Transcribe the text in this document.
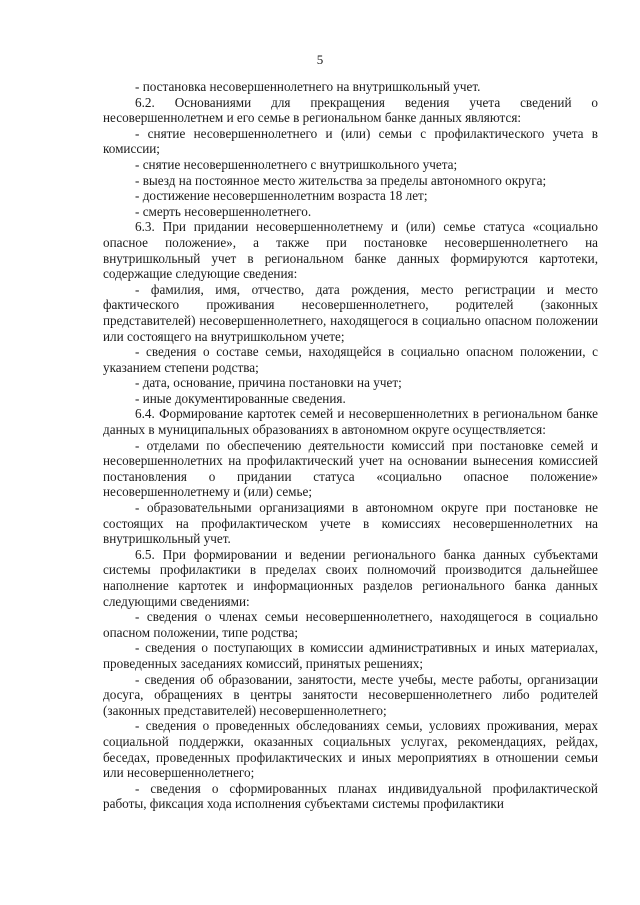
5

- постановка несовершеннолетнего на внутришкольный учет.

6.2. Основаниями для прекращения ведения учета сведений о несовершеннолетнем и его семье в региональном банке данных являются:

- снятие несовершеннолетнего и (или) семьи с профилактического учета в комиссии;

- снятие несовершеннолетнего с внутришкольного учета;

- выезд на постоянное место жительства за пределы автономного округа;

- достижение несовершеннолетним возраста 18 лет;

- смерть несовершеннолетнего.

6.3. При придании несовершеннолетнему и (или) семье статуса «социально опасное положение», а также при постановке несовершеннолетнего на внутришкольный учет в региональном банке данных формируются картотеки, содержащие следующие сведения:

- фамилия, имя, отчество, дата рождения, место регистрации и место фактического проживания несовершеннолетнего, родителей (законных представителей) несовершеннолетнего, находящегося в социально опасном положении или состоящего на внутришкольном учете;

- сведения о составе семьи, находящейся в социально опасном положении, с указанием степени родства;

- дата, основание, причина постановки на учет;

- иные документированные сведения.

6.4. Формирование картотек семей и несовершеннолетних в региональном банке данных в муниципальных образованиях в автономном округе осуществляется:

- отделами по обеспечению деятельности комиссий при постановке семей и несовершеннолетних на профилактический учет на основании вынесения комиссией постановления о придании статуса «социально опасное положение» несовершеннолетнему и (или) семье;

- образовательными организациями в автономном округе при постановке не состоящих на профилактическом учете в комиссиях несовершеннолетних на внутришкольный учет.

6.5. При формировании и ведении регионального банка данных субъектами системы профилактики в пределах своих полномочий производится дальнейшее наполнение картотек и информационных разделов регионального банка данных следующими сведениями:

- сведения о членах семьи несовершеннолетнего, находящегося в социально опасном положении, типе родства;

- сведения о поступающих в комиссии административных и иных материалах, проведенных заседаниях комиссий, принятых решениях;

- сведения об образовании, занятости, месте учебы, месте работы, организации досуга, обращениях в центры занятости несовершеннолетнего либо родителей (законных представителей) несовершеннолетнего;

- сведения о проведенных обследованиях семьи, условиях проживания, мерах социальной поддержки, оказанных социальных услугах, рекомендациях, рейдах, беседах, проведенных профилактических и иных мероприятиях в отношении семьи или несовершеннолетнего;

- сведения о сформированных планах индивидуальной профилактической работы, фиксация хода исполнения субъектами системы профилактики
